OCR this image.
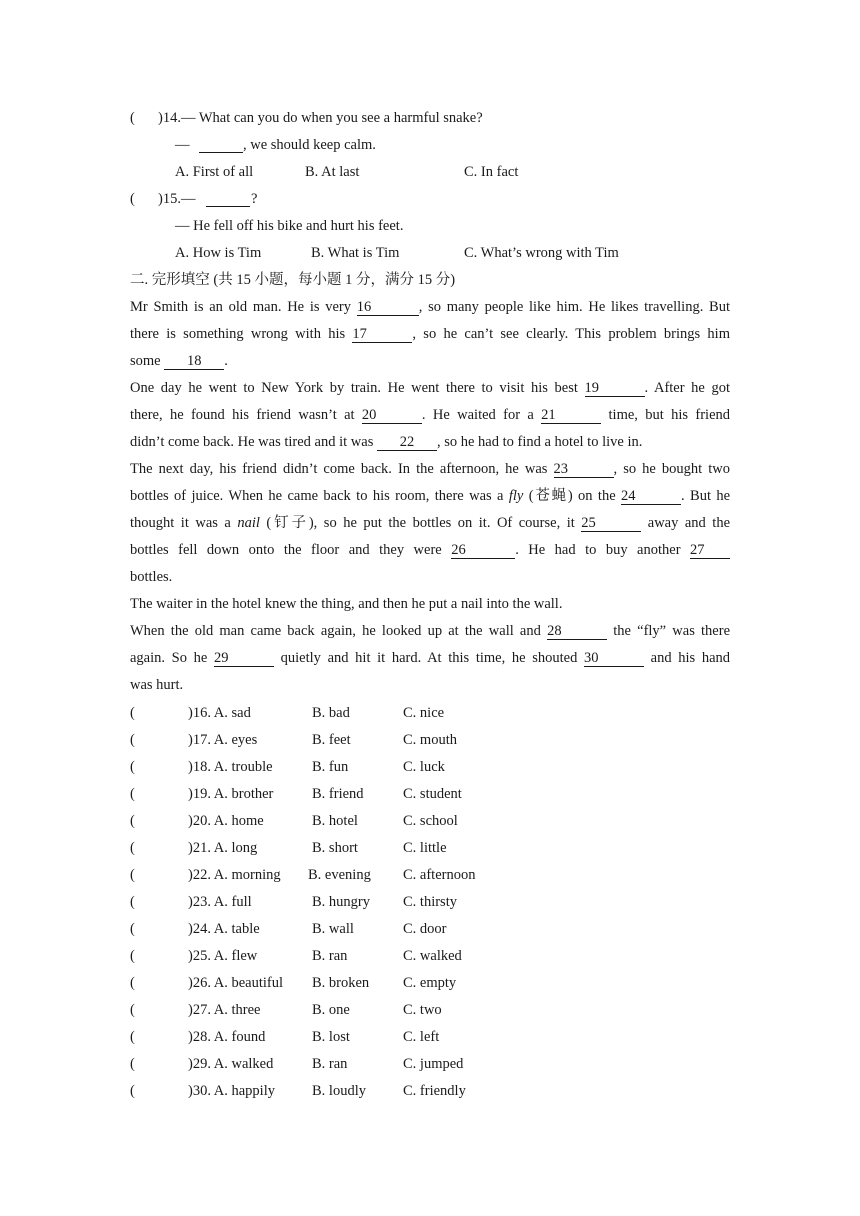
( )14.— What can you do when you see a harmful snake?
—	, we should keep calm.
A. First of all	B. At last	C. In fact
( )15.—	?
— He fell off his bike and hurt his feet.
A. How is Tim	B. What is Tim	C. What’s wrong with Tim
二. 完形填空 (共 15 小题，每小题 1 分，满分 15 分)
Mr Smith is an old man. He is very 16	, so many people like him. He likes travelling. But
there is something wrong with his 17	, so he can’t see clearly. This problem brings him
some 18 .
One day he went to New York by train. He went there to visit his best 19	. After he got
there, he found his friend wasn’t at 20	. He waited for a 21	time, but his friend
didn’t come back. He was tired and it was 22 , so he had to find a hotel to live in.
The next day, his friend didn’t come back. In the afternoon, he was 23	, so he bought two
bottles of juice. When he came back to his room, there was a fly (苍蝇) on the 24	. But he
thought it was a nail (钉子), so he put the bottles on it. Of course, it 25	away and the
bottles fell down onto the floor and they were 26	. He had to buy another 27
bottles.
The waiter in the hotel knew the thing, and then he put a nail into the wall.
When the old man came back again, he looked up at the wall and 28	the “fly” was there
again. So he 29	quietly and hit it hard. At this time, he shouted 30	and his hand
was hurt.
(	)16. A. sad	B. bad	C. nice
(	)17. A. eyes	B. feet	C. mouth
(	)18. A. trouble	B. fun	C. luck
(	)19. A. brother	B. friend	C. student
(	)20. A. home	B. hotel	C. school
(	)21. A. long	B. short	C. little
(	)22. A. morning B. evening C. afternoon
(	)23. A. full	B. hungry C. thirsty
(	)24. A. table	B. wall	C. door
(	)25. A. flew	B. ran	C. walked
(	)26. A. beautiful B. broken C. empty
(	)27. A. three	B. one	C. two
(	)28. A. found	B. lost	C. left
(	)29. A. walked	B. ran	C. jumped
(	)30. A. happily	B. loudly	C. friendly
